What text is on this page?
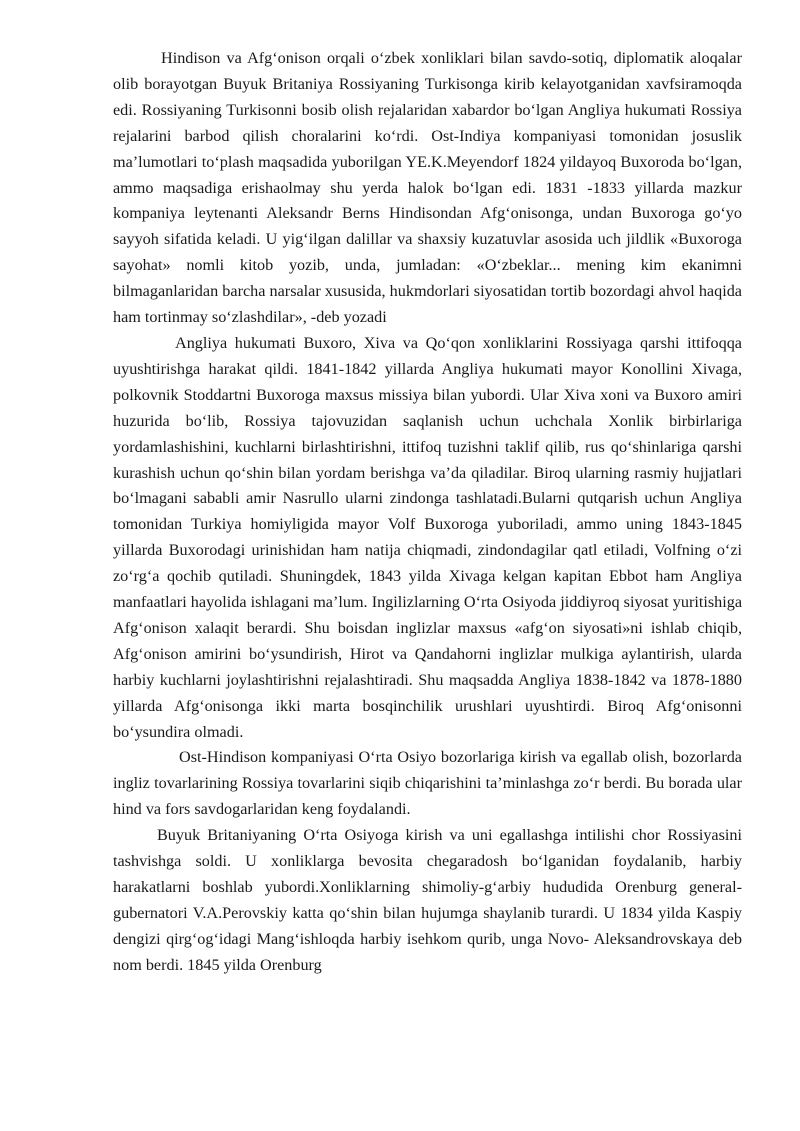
Hindison va Afg‘onison orqali o‘zbek xonliklari bilan savdo-sotiq, diplomatik aloqalar olib borayotgan Buyuk Britaniya Rossiyaning Turkisonga kirib kelayotganidan xavfsiramoqda edi. Rossiyaning Turkisonni bosib olish rejalaridan xabardor bo‘lgan Angliya hukumati Rossiya rejalarini barbod qilish choralarini ko‘rdi. Ost-Indiya kompaniyasi tomonidan josuslik ma’lumotlari to‘plash maqsadida yuborilgan YE.K.Meyendorf 1824 yildayoq Buxoroda bo‘lgan, ammo maqsadiga erishaolmay shu yerda halok bo‘lgan edi. 1831 -1833 yillarda mazkur kompaniya leytenanti Aleksandr Berns Hindisondan Afg‘onisonga, undan Buxoroga go‘yo sayyoh sifatida keladi. U yig‘ilgan dalillar va shaxsiy kuzatuvlar asosida uch jildlik «Buxoroga sayohat» nomli kitob yozib, unda, jumladan: «O‘zbeklar... mening kim ekanimni bilmaganlaridan barcha narsalar xususida, hukmdorlari siyosatidan tortib bozordagi ahvol haqida ham tortinmay so‘zlashdilar», -deb yozadi

Angliya hukumati Buxoro, Xiva va Qo‘qon xonliklarini Rossiyaga qarshi ittifoqqa uyushtirishga harakat qildi. 1841-1842 yillarda Angliya hukumati mayor Konollini Xivaga, polkovnik Stoddartni Buxoroga maxsus missiya bilan yubordi. Ular Xiva xoni va Buxoro amiri huzurida bo‘lib, Rossiya tajovuzidan saqlanish uchun uchchala Xonlik birbirlariga yordamlashishini, kuchlarni birlashtirishni, ittifoq tuzishni taklif qilib, rus qo‘shinlariga qarshi kurashish uchun qo‘shin bilan yordam berishga va’da qiladilar. Biroq ularning rasmiy hujjatlari bo‘lmagani sababli amir Nasrullo ularni zindonga tashlatadi.Bularni qutqarish uchun Angliya tomonidan Turkiya homiyligida mayor Volf Buxoroga yuboriladi, ammo uning 1843-1845 yillarda Buxorodagi urinishidan ham natija chiqmadi, zindondagilar qatl etiladi, Volfning o‘zi zo‘rg‘a qochib qutiladi. Shuningdek, 1843 yilda Xivaga kelgan kapitan Ebbot ham Angliya manfaatlari hayolida ishlagani ma’lum. Ingilizlarning O‘rta Osiyoda jiddiyroq siyosat yuritishiga Afg‘onison xalaqit berardi. Shu boisdan inglizlar maxsus «afg‘on siyosati»ni ishlab chiqib, Afg‘onison amirini bo‘ysundirish, Hirot va Qandahorni inglizlar mulkiga aylantirish, ularda harbiy kuchlarni joylashtirishni rejalashtiradi. Shu maqsadda Angliya 1838-1842 va 1878-1880 yillarda Afg‘onisonga ikki marta bosqinchilik urushlari uyushtirdi. Biroq Afg‘onisonni bo‘ysundira olmadi.

Ost-Hindison kompaniyasi O‘rta Osiyo bozorlariga kirish va egallab olish, bozorlarda ingliz tovarlarining Rossiya tovarlarini siqib chiqarishini ta’minlashga zo‘r berdi. Bu borada ular hind va fors savdogarlaridan keng foydalandi.

Buyuk Britaniyaning O‘rta Osiyoga kirish va uni egallashga intilishi chor Rossiyasini tashvishga soldi. U xonliklarga bevosita chegaradosh bo‘lganidan foydalanib, harbiy harakatlarni boshlab yubordi.Xonliklarning shimoliy-g‘arbiy hududida Orenburg general-gubernatori V.A.Perovskiy katta qo‘shin bilan hujumga shaylanib turardi. U 1834 yilda Kaspiy dengizi qirg‘og‘idagi Mang‘ishloqda harbiy isehkom qurib, unga Novo- Aleksandrovskaya deb nom berdi. 1845 yilda Orenburg
